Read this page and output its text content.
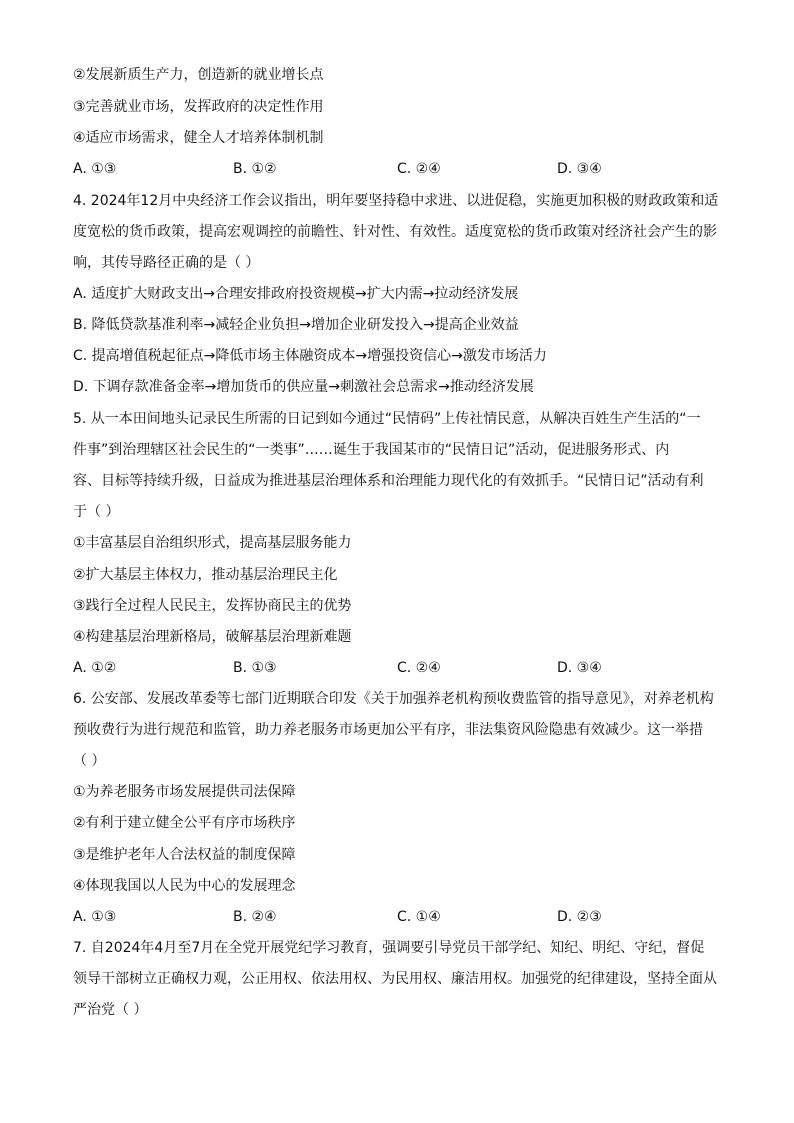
②发展新质生产力，创造新的就业增长点
③完善就业市场，发挥政府的决定性作用
④适应市场需求，健全人才培养体制机制
A. ①③	B. ①②	C. ②④	D. ③④
4. 2024年12月中央经济工作会议指出，明年要坚持稳中求进、以进促稳，实施更加积极的财政政策和适
度宽松的货币政策，提高宏观调控的前瞻性、针对性、有效性。适度宽松的货币政策对经济社会产生的影
响，其传导路径正确的是（ ）
A. 适度扩大财政支出→合理安排政府投资规模→扩大内需→拉动经济发展
B. 降低贷款基准利率→减轻企业负担→增加企业研发投入→提高企业效益
C. 提高增值税起征点→降低市场主体融资成本→增强投资信心→激发市场活力
D. 下调存款准备金率→增加货币的供应量→刺激社会总需求→推动经济发展
5. 从一本田间地头记录民生所需的日记到如今通过“民情码”上传社情民意，从解决百姓生产生活的“一
件事”到治理辖区社会民生的“一类事”……诞生于我国某市的“民情日记”活动，促进服务形式、内
容、目标等持续升级，日益成为推进基层治理体系和治理能力现代化的有效抓手。“民情日记”活动有利
于（ ）
①丰富基层自治组织形式，提高基层服务能力
②扩大基层主体权力，推动基层治理民主化
③践行全过程人民民主，发挥协商民主的优势
④构建基层治理新格局，破解基层治理新难题
A. ①②	B. ①③	C. ②④	D. ③④
6. 公安部、发展改革委等七部门近期联合印发《关于加强养老机构预收费监管的指导意见》，对养老机构
预收费行为进行规范和监管，助力养老服务市场更加公平有序，非法集资风险隐患有效减少。这一举措
（ ）
①为养老服务市场发展提供司法保障
②有利于建立健全公平有序市场秩序
③是维护老年人合法权益的制度保障
④体现我国以人民为中心的发展理念
A. ①③	B. ②④	C. ①④	D. ②③
7. 自2024年4月至7月在全党开展党纪学习教育，强调要引导党员干部学纪、知纪、明纪、守纪，督促
领导干部树立正确权力观，公正用权、依法用权、为民用权、廉洁用权。加强党的纪律建设，坚持全面从
严治党（ ）
